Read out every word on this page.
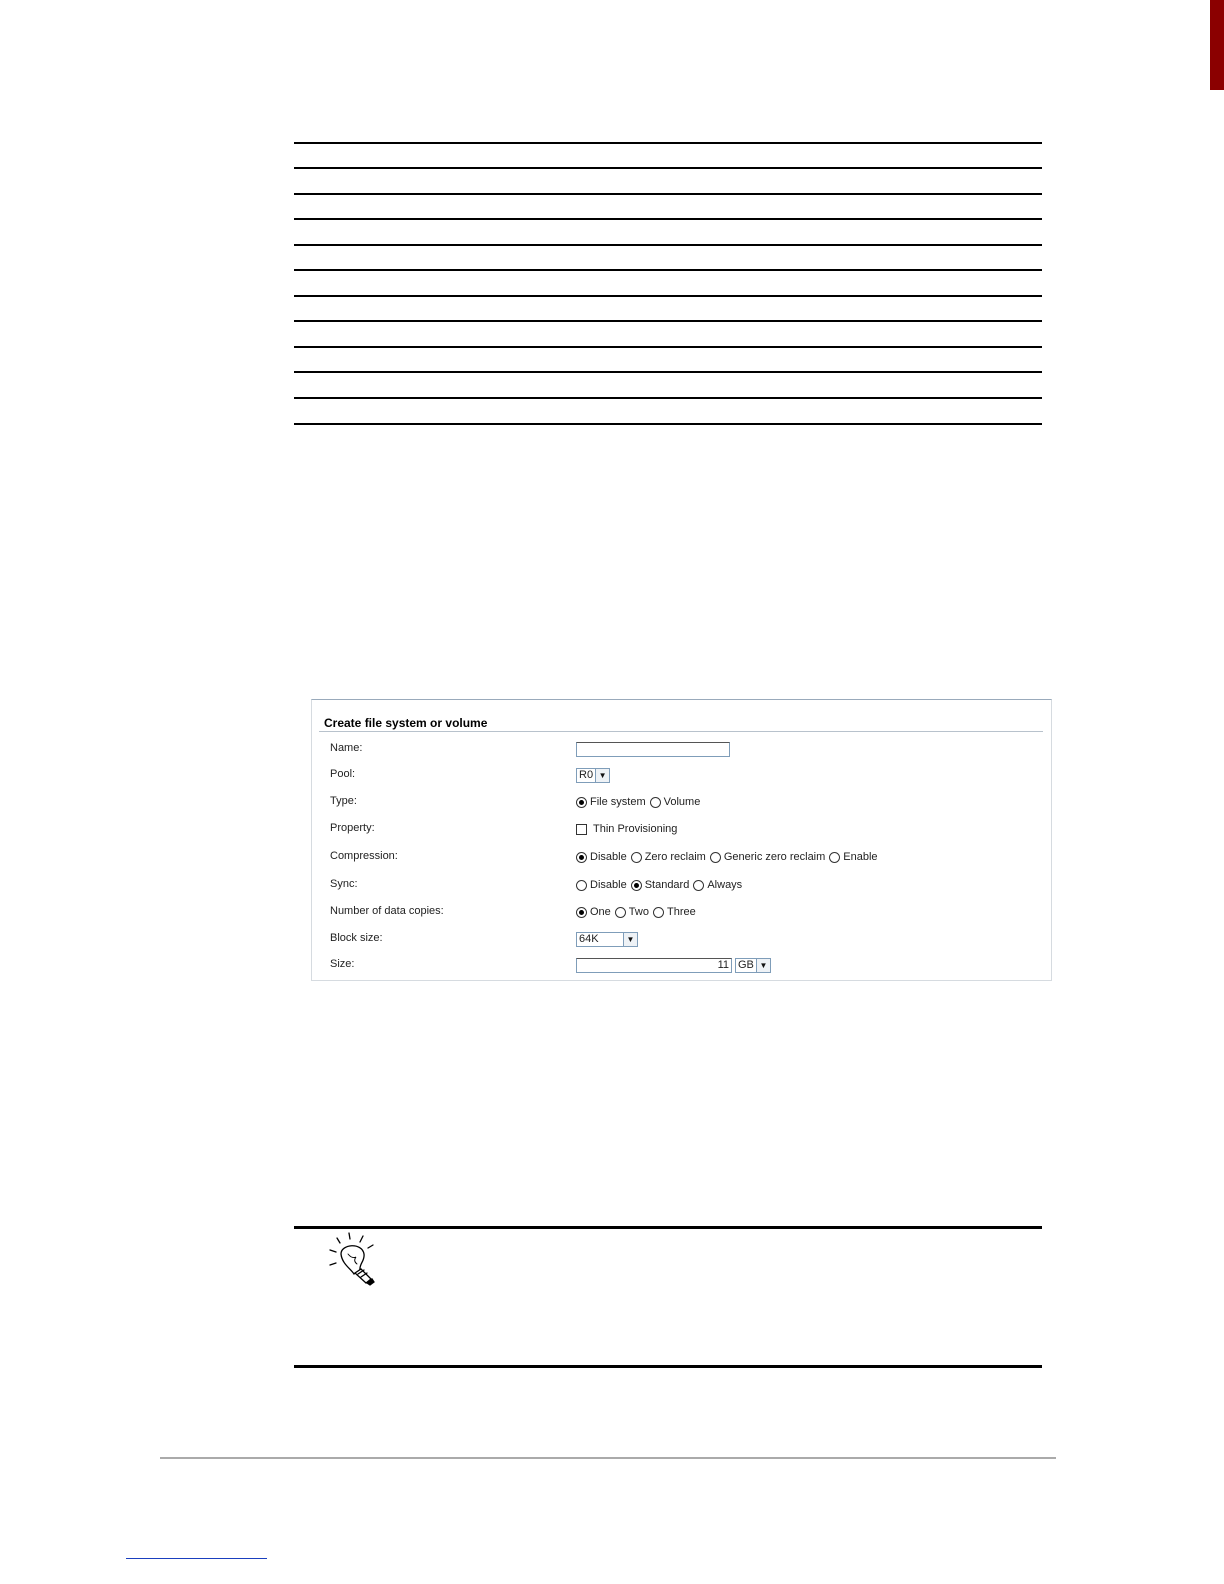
Create file system or volume
Name:
Pool:	R0 ▼
Type:	File system Volume
Property:	Thin Provisioning
Compression:	Disable Zero reclaim Generic zero reclaim Enable
Sync:	Disable Standard Always
Number of data copies:	One Two Three
Block size:	64K	▼
Size:	11 GB ▼
